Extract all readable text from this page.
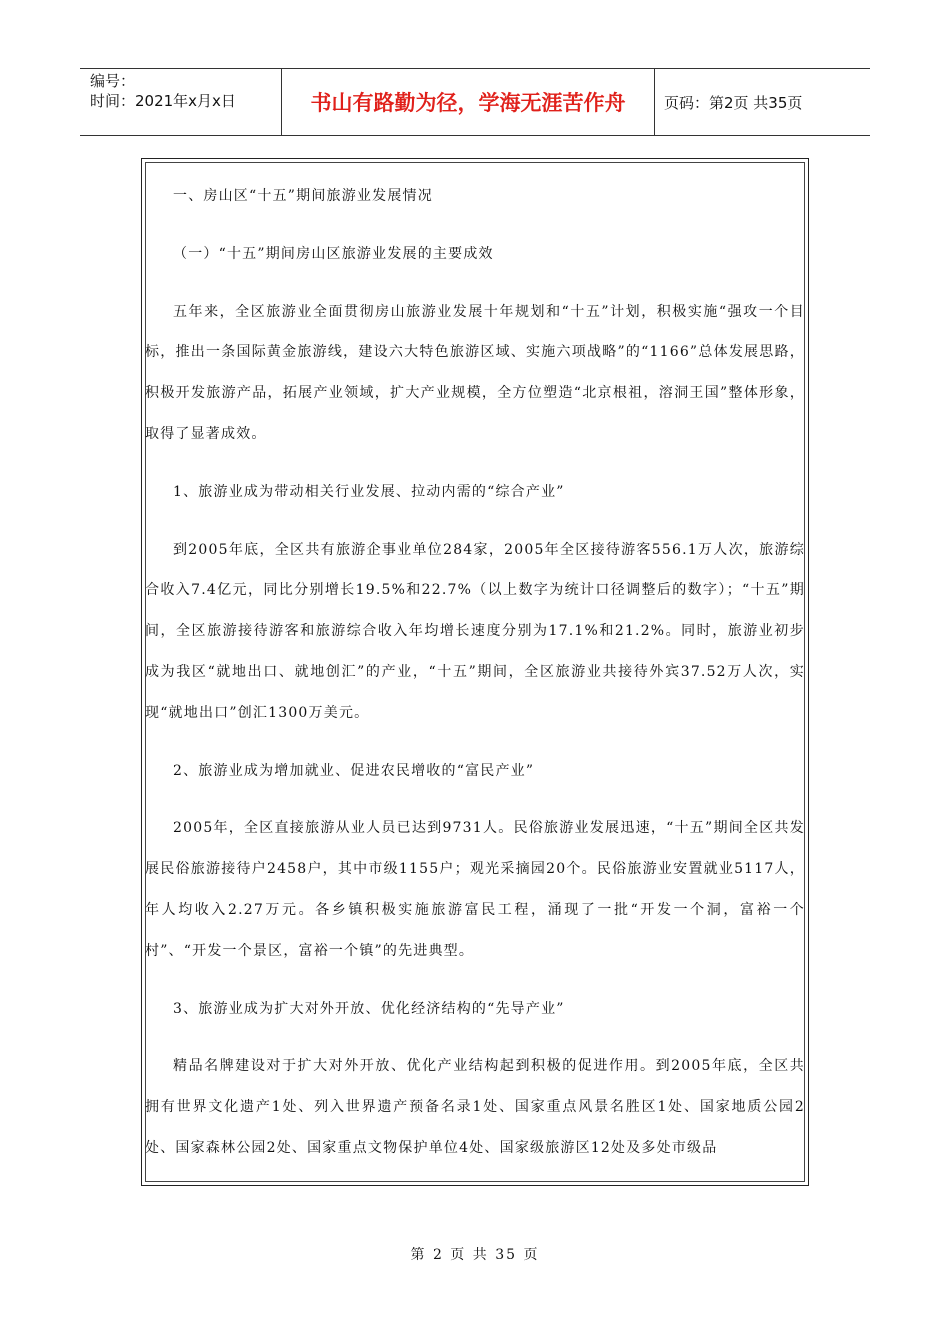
编号：
时间：2021年x月x日	书山有路勤为径，学海无涯苦作舟	页码：第2页 共35页

一、房山区“十五”期间旅游业发展情况

（一）“十五”期间房山区旅游业发展的主要成效

五年来，全区旅游业全面贯彻房山旅游业发展十年规划和“十五”计划，积极实施“强攻一个目标，推出一条国际黄金旅游线，建设六大特色旅游区域、实施六项战略”的“1166”总体发展思路，积极开发旅游产品，拓展产业领域，扩大产业规模，全方位塑造“北京根祖，溶洞王国”整体形象，取得了显著成效。

1、旅游业成为带动相关行业发展、拉动内需的“综合产业”

到2005年底，全区共有旅游企事业单位284家，2005年全区接待游客556.1万人次，旅游综合收入7.4亿元，同比分别增长19.5%和22.7%（以上数字为统计口径调整后的数字）；“十五”期间，全区旅游接待游客和旅游综合收入年均增长速度分别为17.1%和21.2%。同时，旅游业初步成为我区“就地出口、就地创汇”的产业，“十五”期间，全区旅游业共接待外宾37.52万人次，实现“就地出口”创汇1300万美元。

2、旅游业成为增加就业、促进农民增收的“富民产业”

2005年，全区直接旅游从业人员已达到9731人。民俗旅游业发展迅速，“十五”期间全区共发展民俗旅游接待户2458户，其中市级1155户；观光采摘园20个。民俗旅游业安置就业5117人，年人均收入2.27万元。各乡镇积极实施旅游富民工程，涌现了一批“开发一个洞，富裕一个村”、“开发一个景区，富裕一个镇”的先进典型。

3、旅游业成为扩大对外开放、优化经济结构的“先导产业”

精品名牌建设对于扩大对外开放、优化产业结构起到积极的促进作用。到2005年底，全区共拥有世界文化遗产1处、列入世界遗产预备名录1处、国家重点风景名胜区1处、国家地质公园2处、国家森林公园2处、国家重点文物保护单位4处、国家级旅游区12处及多处市级品

第 2 页 共 35 页
